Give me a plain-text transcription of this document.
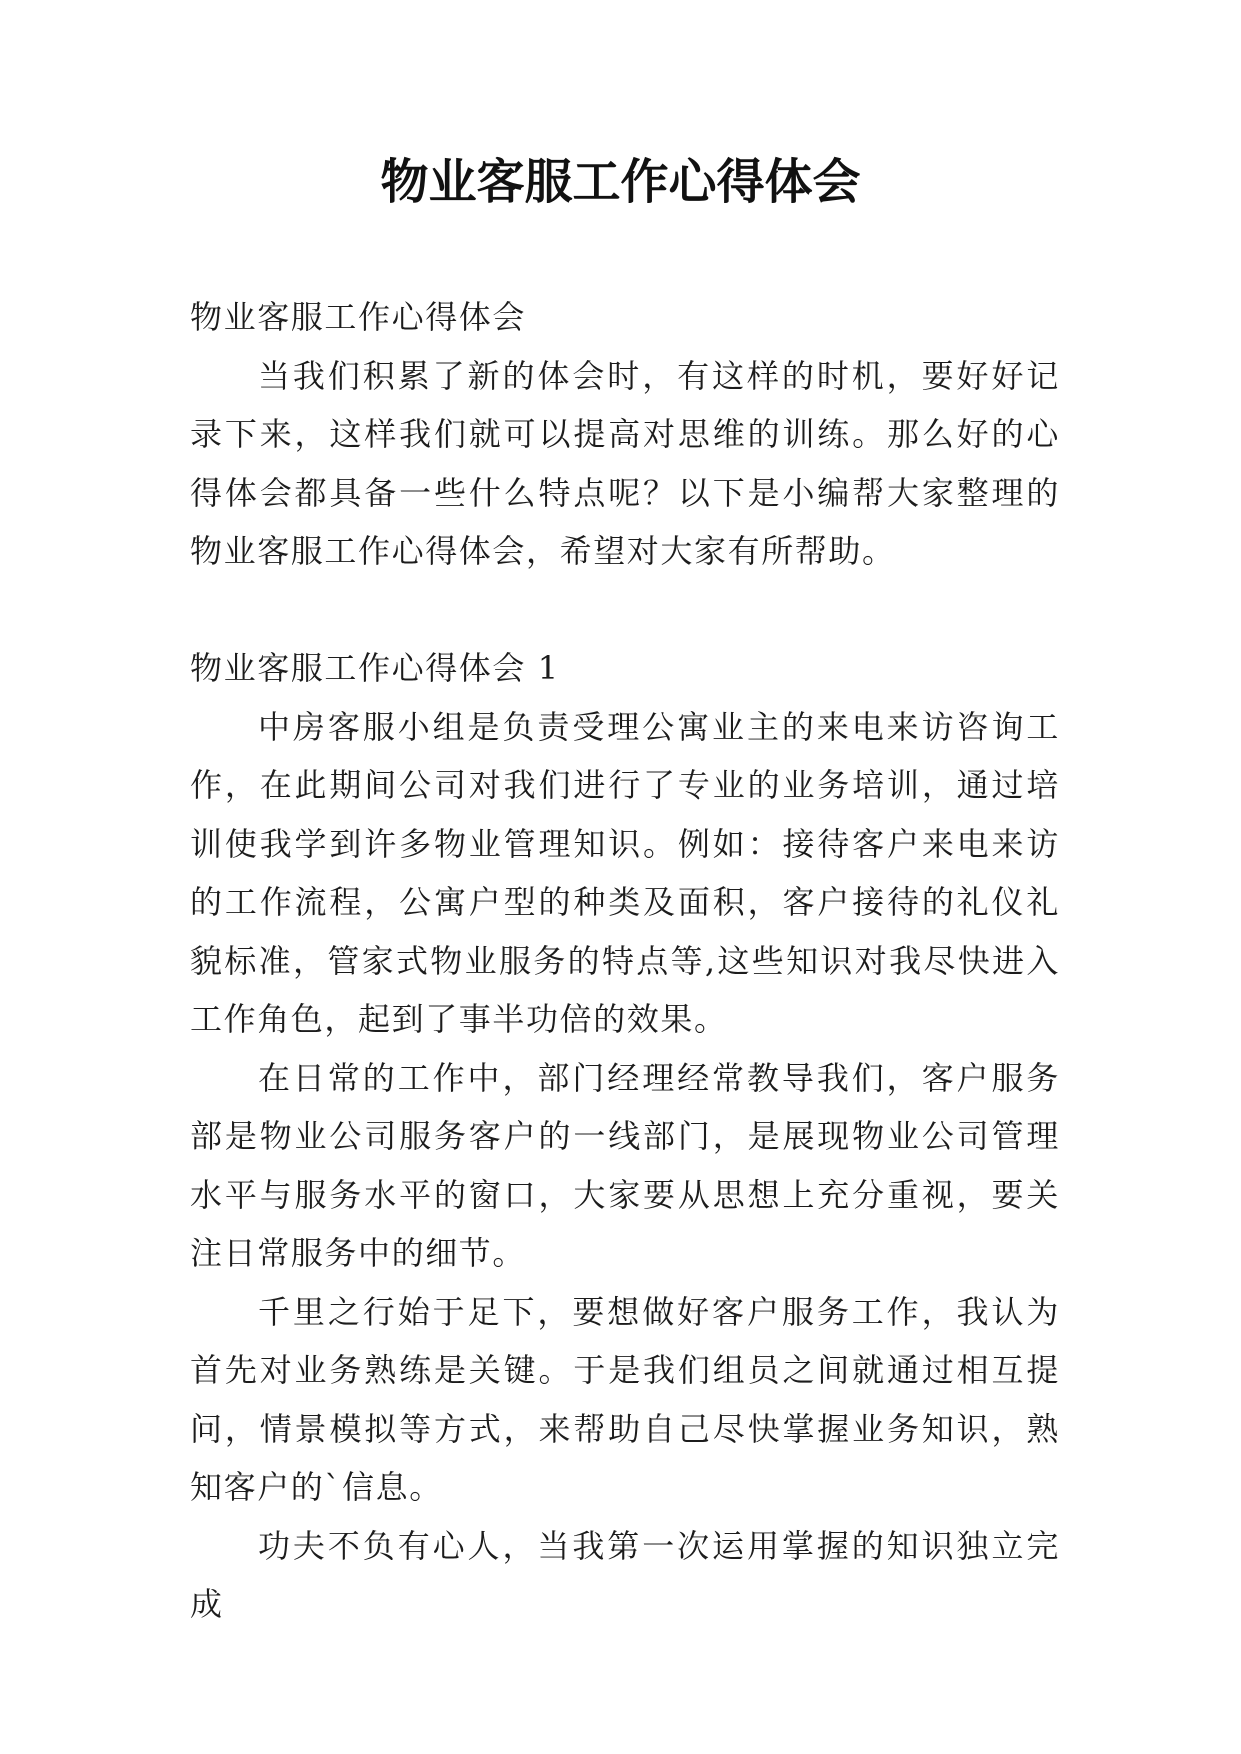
物业客服工作心得体会

物业客服工作心得体会

当我们积累了新的体会时，有这样的时机，要好好记录下来，这样我们就可以提高对思维的训练。那么好的心得体会都具备一些什么特点呢？以下是小编帮大家整理的物业客服工作心得体会，希望对大家有所帮助。

物业客服工作心得体会 1

中房客服小组是负责受理公寓业主的来电来访咨询工作，在此期间公司对我们进行了专业的业务培训，通过培训使我学到许多物业管理知识。例如：接待客户来电来访的工作流程，公寓户型的种类及面积，客户接待的礼仪礼貌标准，管家式物业服务的特点等,这些知识对我尽快进入工作角色，起到了事半功倍的效果。

在日常的工作中，部门经理经常教导我们，客户服务部是物业公司服务客户的一线部门，是展现物业公司管理水平与服务水平的窗口，大家要从思想上充分重视，要关注日常服务中的细节。

千里之行始于足下，要想做好客户服务工作，我认为首先对业务熟练是关键。于是我们组员之间就通过相互提问，情景模拟等方式，来帮助自己尽快掌握业务知识，熟知客户的`信息。

功夫不负有心人，当我第一次运用掌握的知识独立完成
